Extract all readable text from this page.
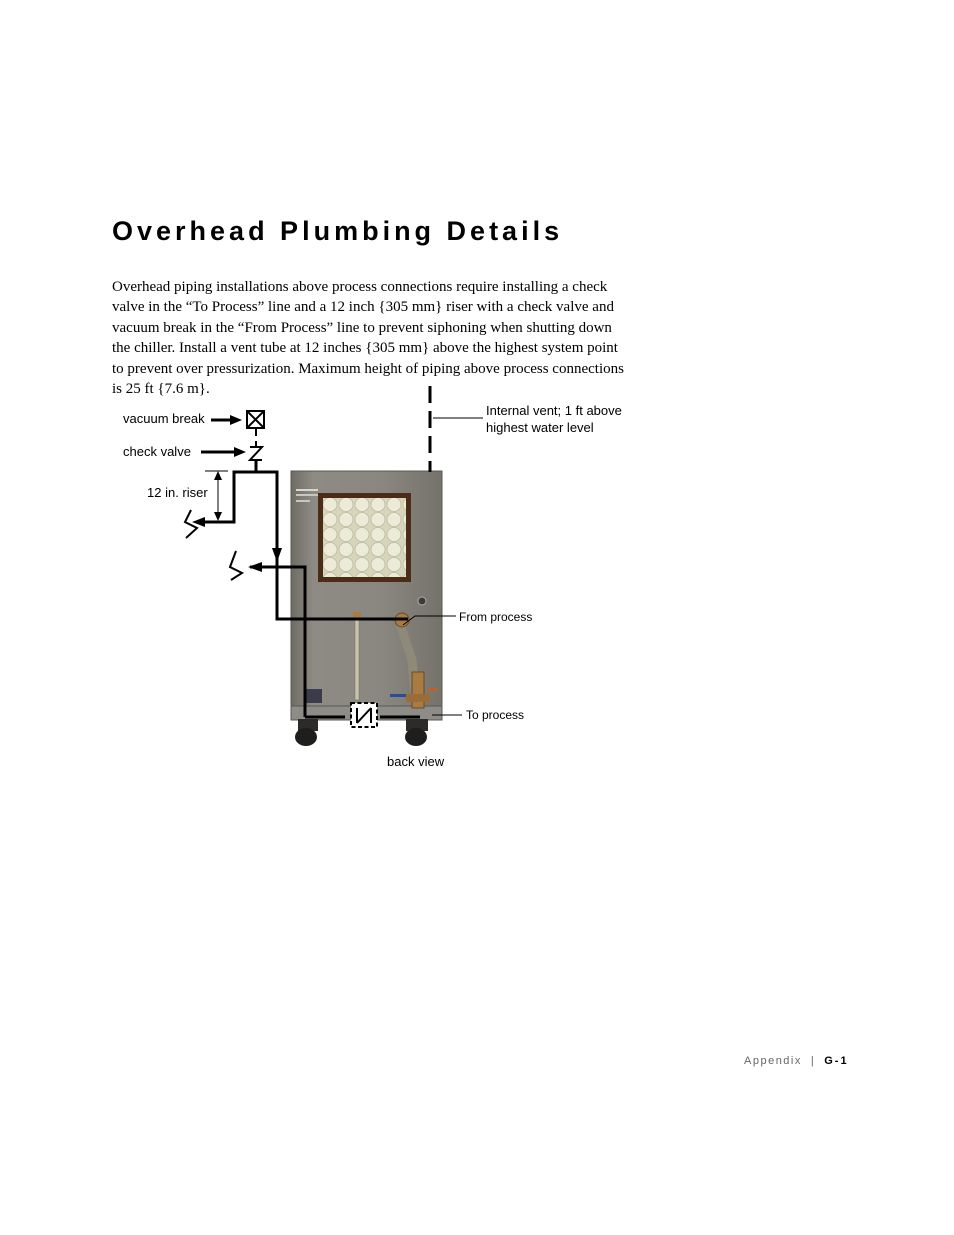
Overhead Plumbing Details
Overhead piping installations above process connections require installing a check
valve in the “To Process” line and a 12 inch {305 mm} riser with a check valve and
vacuum break in the “From Process” line to prevent siphoning when shutting down
the chiller. Install a vent tube at 12 inches {305 mm} above the highest system point
to prevent over pressurization. Maximum height of piping above process connections
is 25 ft {7.6 m}.
vacuum break
check valve
12 in. riser
Internal vent; 1 ft above
highest water level
From process
To process
back view
Appendix | G-1
